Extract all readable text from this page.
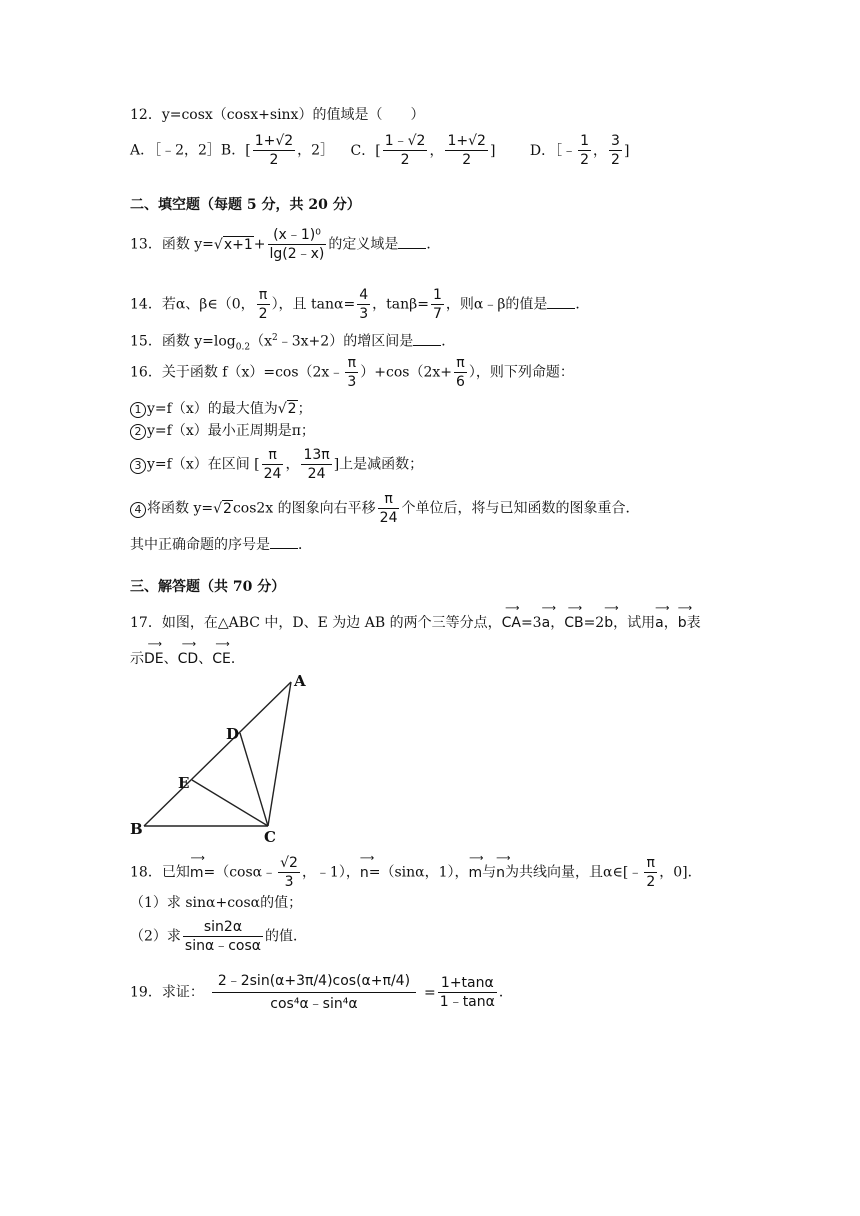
12．y=cosx（cosx+sinx）的值域是（　　）
A．［﹣2，2］B．[ $\frac{1+√2}{2}$ ，2］ C．[ $\frac{1﹣√2}{2}$ ， $\frac{1+√2}{2}$ ] D．［﹣ $\frac{1}{2}$ ， $\frac{3}{2}$ ]
二、填空题（每题 5 分，共 20 分）
13．函数 $y=√x+1+ \frac{\text{(x﹣1)⁰}}{\lg(2﹣x)}$ 的定义域是 ．
14．若α、β∈（0， $\frac{\pi}{2}$ ），且 $\tan\alpha= \frac{4}{3}$ ，$\tan\beta= \frac{1}{7}$ ，则α﹣β的值是 ．
15．函数 $y=\log_{0.2}(x^2﹣3x+2)$的增区间是 ．
16．关于函数 f（x）=cos（2x﹣ $\frac{\pi}{3} )+\cos(2x+ \frac{\pi}{6}$ ），则下列命题：
1 y=f（x）的最大值为√2；
2 y=f（x）最小正周期是π；
3 y=f（x）在区间 [ $\frac{\pi}{24}$ ， $\frac{13\pi}{24}$ ]上是减函数；
4 将函数 y=√2cos2x 的图象向右平移 $\frac{\pi}{24}$ 个单位后，将与已知函数的图象重合．
其中正确命题的序号是 ．
三、解答题（共 70 分）
17．如图，在△ABC 中，D、E 为边 AB 的两个三等分点，⟶ CA=3⟶ a，⟶ CB=2⟶ b，试用⟶ a，⟶ b表
示⟶ DE、⟶ CD、⟶ CE．
A
D
E
B	C
18．已知⟶ m=（cosα﹣ $\frac{√2}{3}$ ，﹣1），⟶ n=（sinα，1），⟶ m与⟶ n为共线向量，且α∈[﹣ $\frac{\pi}{2}$ ，0]．
（1）求 sinα+cosα的值；
（2）求 $\frac{\sin 2\alpha}{\sin\alpha﹣\cos\alpha}$ 的值．
19．求证： $\frac{2﹣2\sin(\alpha+3\pi/4)\cos(\alpha+\pi/4)}{\text{cos⁴α﹣sin⁴α}} = \frac{1+\tan\alpha}{1﹣\tan\alpha}$ ．
